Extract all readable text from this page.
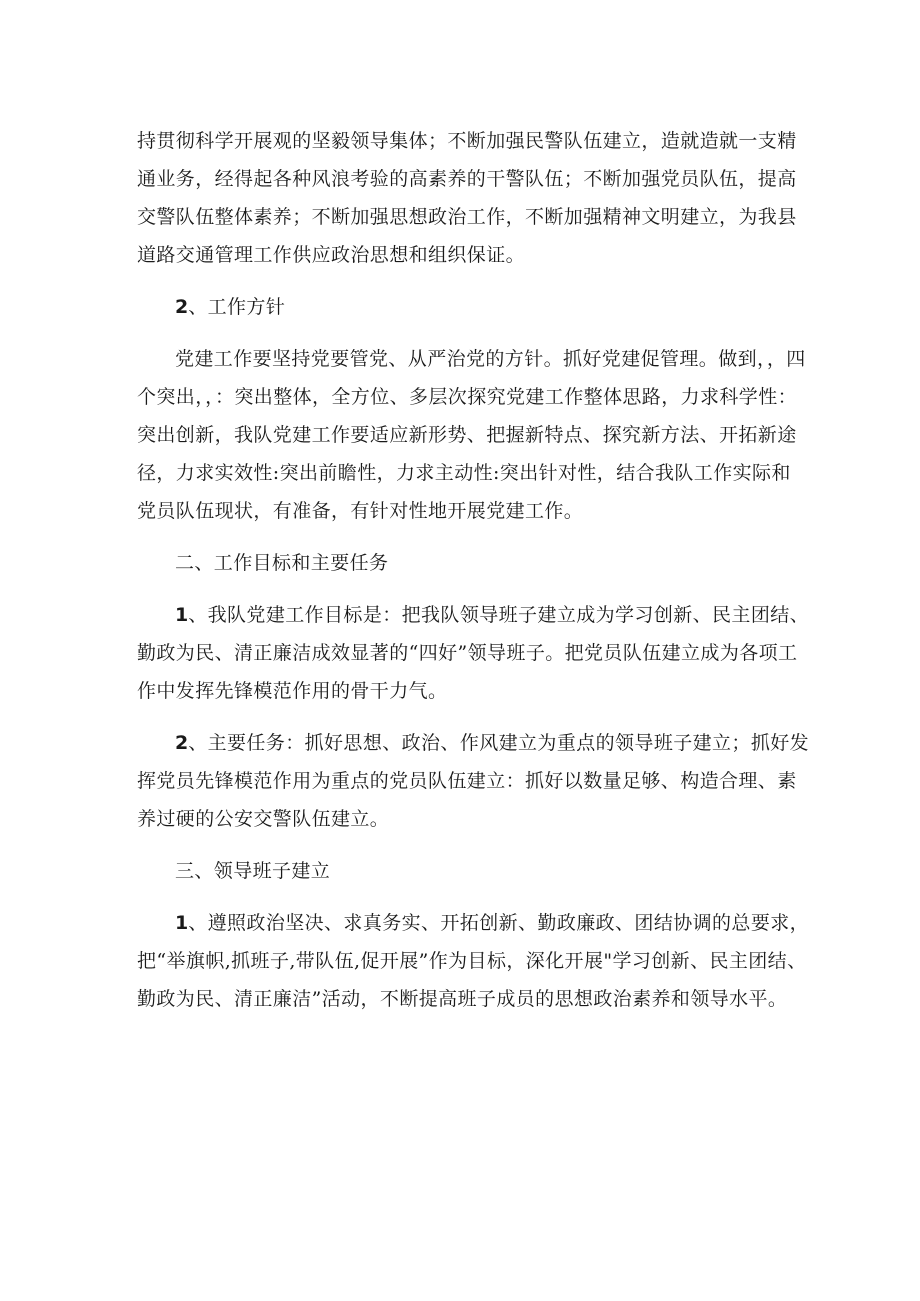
持贯彻科学开展观的坚毅领导集体；不断加强民警队伍建立，造就造就一支精通业务，经得起各种风浪考验的高素养的干警队伍；不断加强党员队伍，提高交警队伍整体素养；不断加强思想政治工作，不断加强精神文明建立，为我县道路交通管理工作供应政治思想和组织保证。

2、工作方针

党建工作要坚持党要管党、从严治党的方针。抓好党建促管理。做到，，四个突出，，：突出整体，全方位、多层次探究党建工作整体思路，力求科学性：突出创新，我队党建工作要适应新形势、把握新特点、探究新方法、开拓新途径，力求实效性:突出前瞻性，力求主动性:突出针对性，结合我队工作实际和党员队伍现状，有准备，有针对性地开展党建工作。

二、工作目标和主要任务

1、我队党建工作目标是：把我队领导班子建立成为学习创新、民主团结、勤政为民、清正廉洁成效显著的“四好”领导班子。把党员队伍建立成为各项工作中发挥先锋模范作用的骨干力气。

2、主要任务：抓好思想、政治、作风建立为重点的领导班子建立；抓好发挥党员先锋模范作用为重点的党员队伍建立：抓好以数量足够、构造合理、素养过硬的公安交警队伍建立。

三、领导班子建立

1、遵照政治坚决、求真务实、开拓创新、勤政廉政、团结协调的总要求，把“举旗帜,抓班子,带队伍,促开展”作为目标，深化开展"学习创新、民主团结、勤政为民、清正廉洁”活动，不断提高班子成员的思想政治素养和领导水平。
